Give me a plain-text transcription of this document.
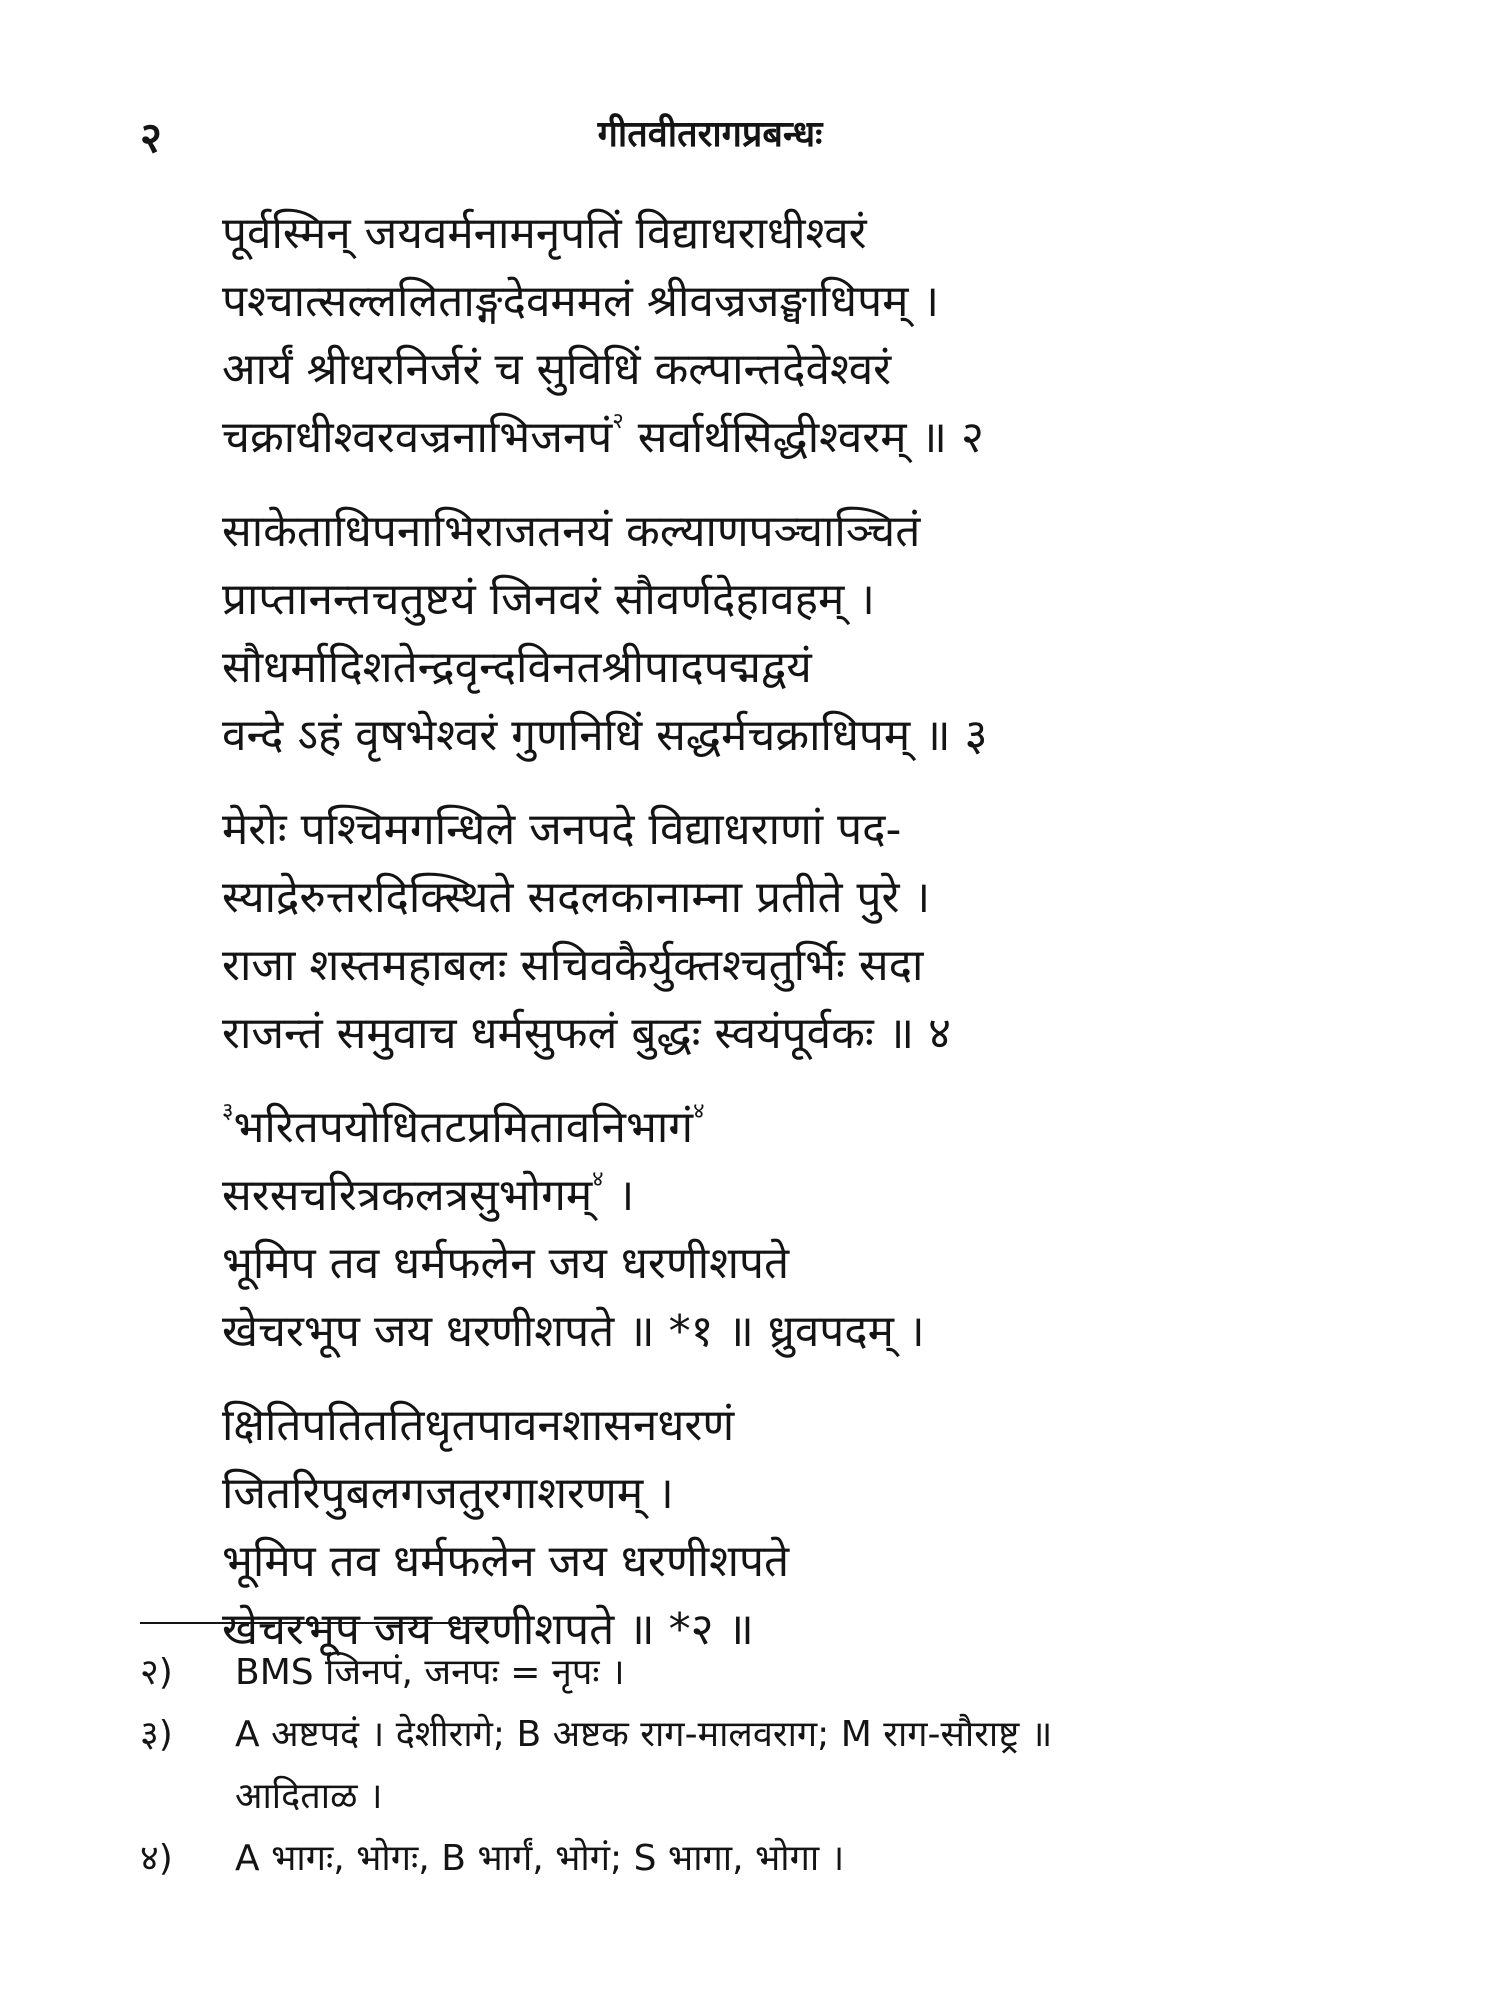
२	गीतवीतरागप्रबन्धः
पूर्वस्मिन् जयवर्मनामनृपतिं विद्याधराधीश्वरं
पश्चात्सल्ललिताङ्गदेवममलं श्रीवज्रजङ्घाधिपम् ।
आर्यं श्रीधरनिर्जरं च सुविधिं कल्पान्तदेवेश्वरं
चक्राधीश्वरवज्रनाभिजनपं$^२$ सर्वार्थसिद्धीश्वरम् ॥ २
साकेताधिपनाभिराजतनयं कल्याणपञ्चाञ्चितं
प्राप्तानन्तचतुष्टयं जिनवरं सौवर्णदेहावहम् ।
सौधर्मादिशतेन्द्रवृन्दविनतश्रीपादपद्मद्वयं
वन्दे ऽहं वृषभेश्वरं गुणनिधिं सद्धर्मचक्राधिपम् ॥ ३
मेरोः पश्चिमगन्धिले जनपदे विद्याधराणां पद-
स्याद्रेरुत्तरदिक्स्थिते सदलकानाम्ना प्रतीते पुरे ।
राजा शस्तमहाबलः सचिवकैर्युक्तश्चतुर्भिः सदा
राजन्तं समुवाच धर्मसुफलं बुद्धः स्वयंपूर्वकः ॥ ४
$^३$भरितपयोधितटप्रमितावनिभागं$^४$
सरसचरित्रकलत्रसुभोगम्$^४$ ।
भूमिप तव धर्मफलेन जय धरणीशपते
खेचरभूप जय धरणीशपते ॥ *१ ॥ ध्रुवपदम् ।
क्षितिपतिततिधृतपावनशासनधरणं
जितरिपुबलगजतुरगाशरणम् ।
भूमिप तव धर्मफलेन जय धरणीशपते
खेचरभूप जय धरणीशपते ॥ *२ ॥
२)	BMS जिनपं, जनपः = नृपः ।
३)	A अष्टपदं । देशीरागे; B अष्टक राग-मालवराग; M राग-सौराष्ट्र ॥
आदिताळ ।
४)	A भागः, भोगः, B भार्गं, भोगं; S भागा, भोगा ।
